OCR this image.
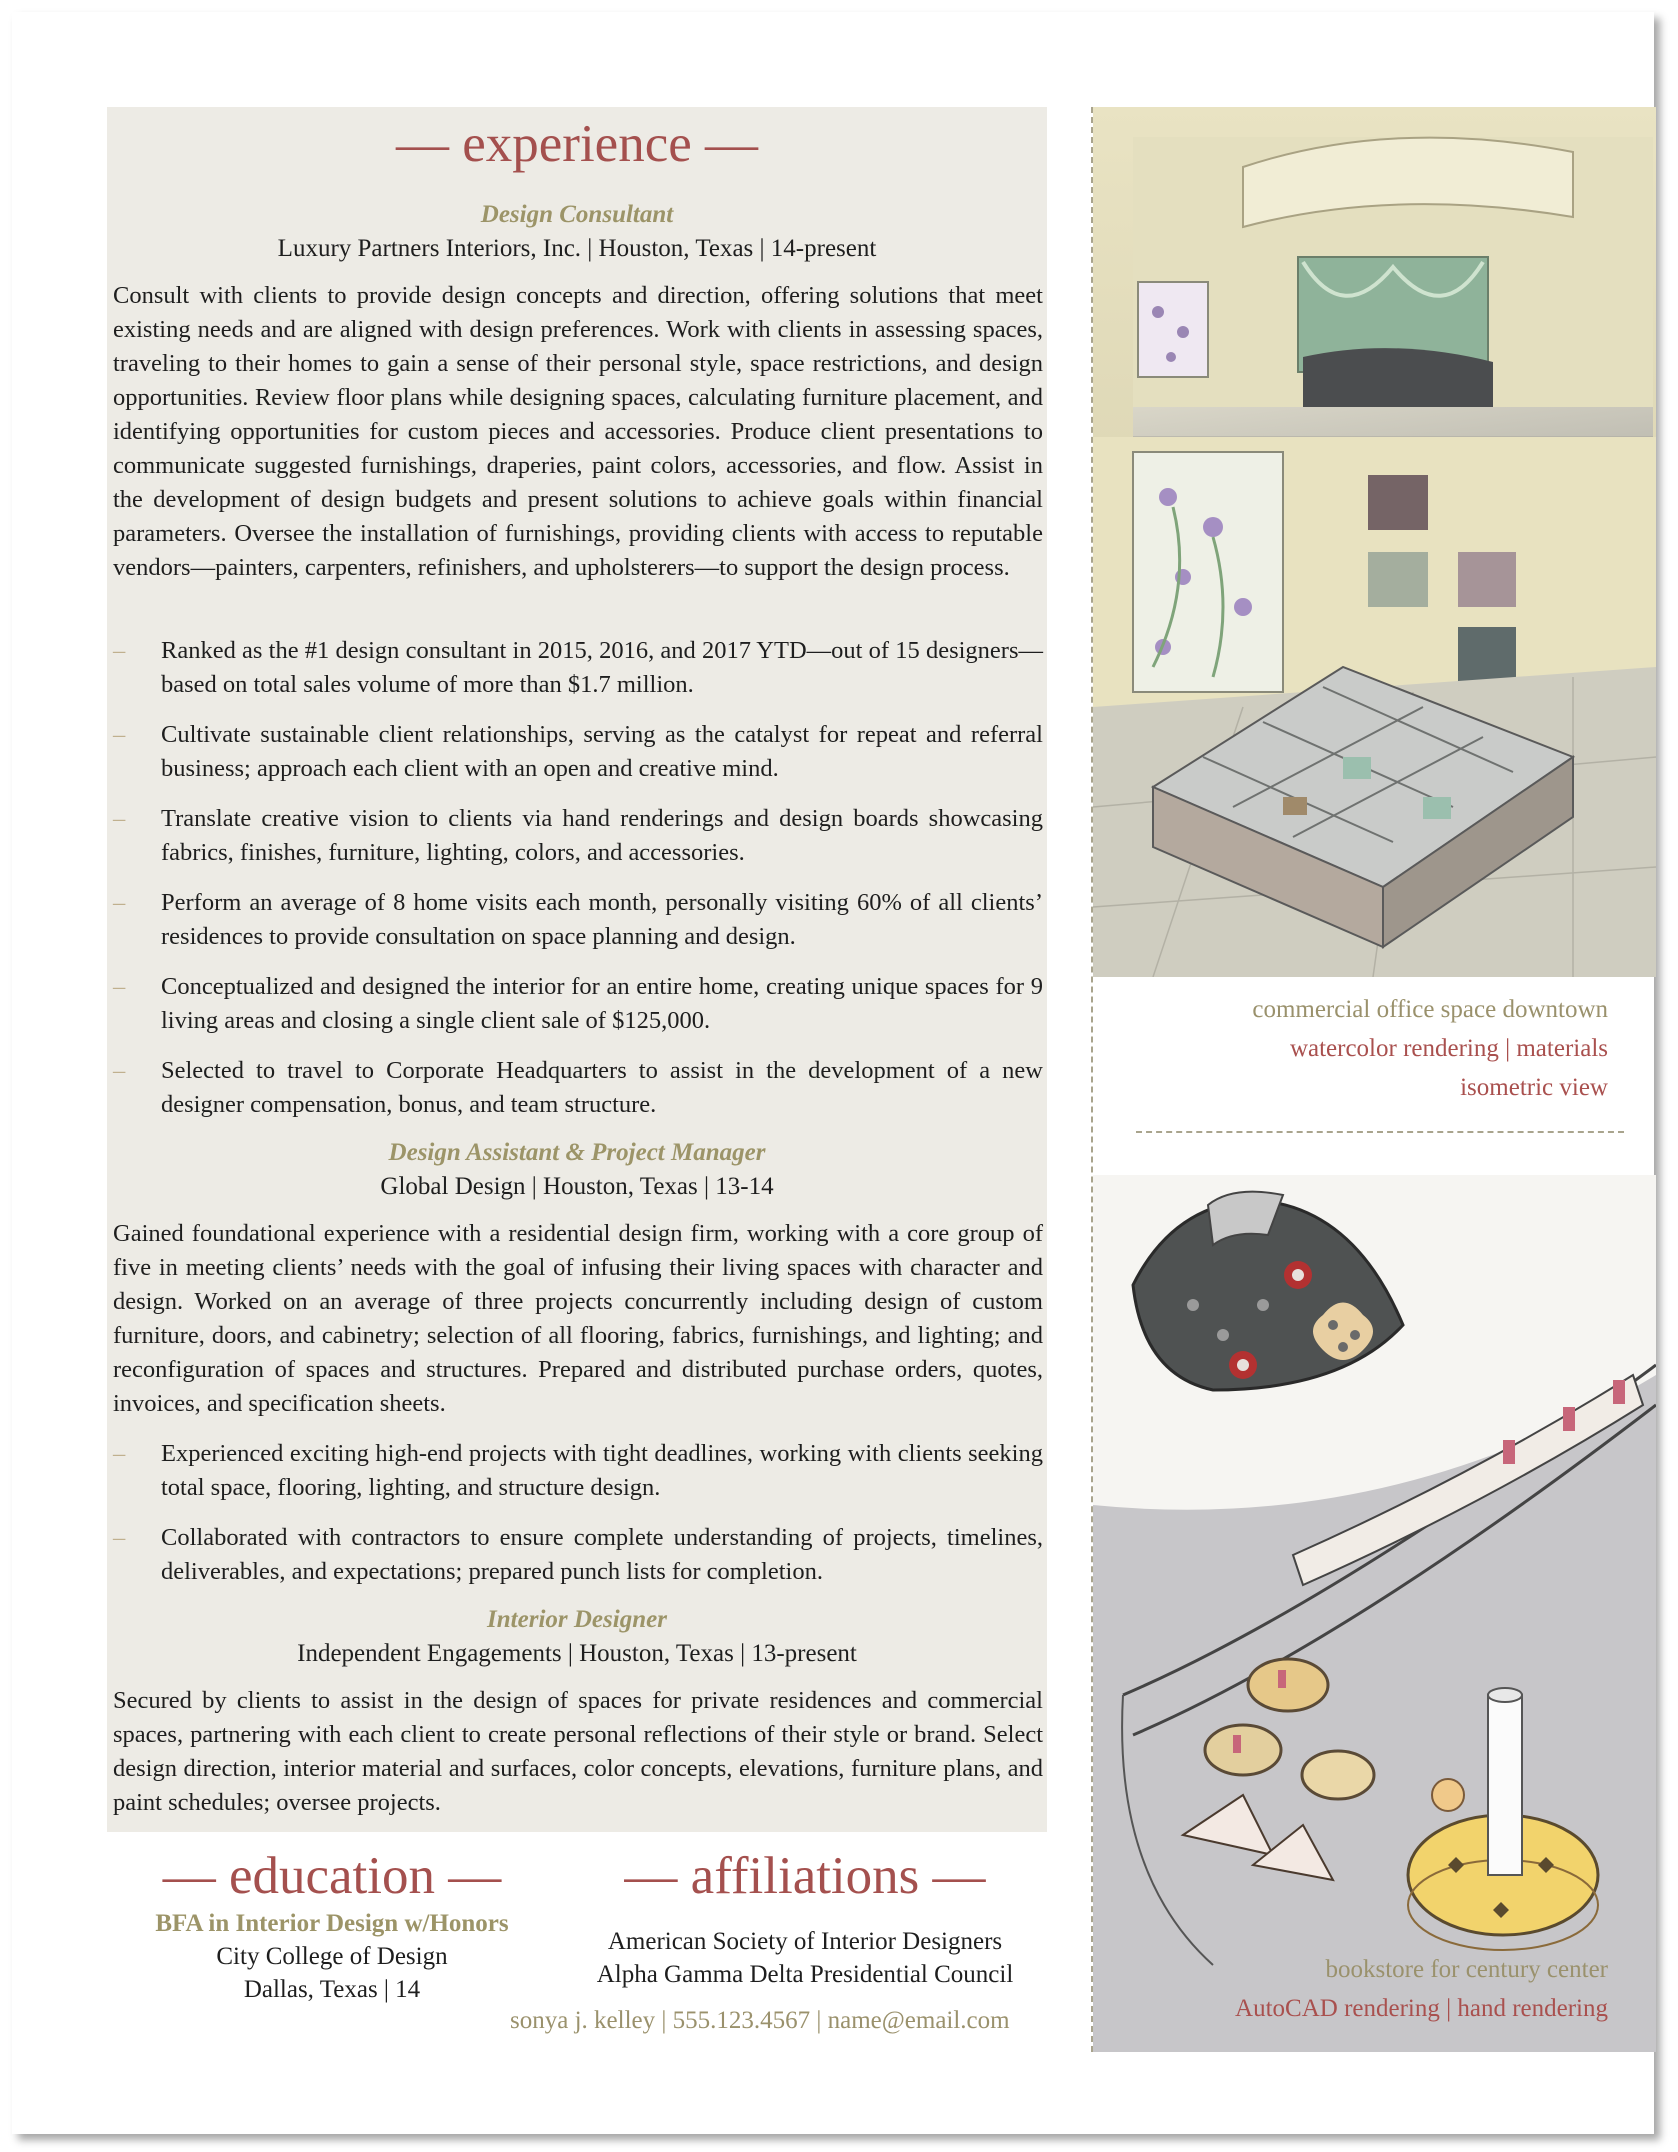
— experience —
Design Consultant
Luxury Partners Interiors, Inc. | Houston, Texas | 14-present
Consult with clients to provide design concepts and direction, offering solutions that meet existing needs and are aligned with design preferences. Work with clients in assessing spaces, traveling to their homes to gain a sense of their personal style, space restrictions, and design opportunities. Review floor plans while designing spaces, calculating furniture placement, and identifying opportunities for custom pieces and accessories. Produce client presentations to communicate suggested furnishings, draperies, paint colors, accessories, and flow. Assist in the development of design budgets and present solutions to achieve goals within financial parameters. Oversee the installation of furnishings, providing clients with access to reputable vendors—painters, carpenters, refinishers, and upholsterers—to support the design process.
– Ranked as the #1 design consultant in 2015, 2016, and 2017 YTD—out of 15 designers—based on total sales volume of more than $1.7 million.
– Cultivate sustainable client relationships, serving as the catalyst for repeat and referral business; approach each client with an open and creative mind.
– Translate creative vision to clients via hand renderings and design boards showcasing fabrics, finishes, furniture, lighting, colors, and accessories.
– Perform an average of 8 home visits each month, personally visiting 60% of all clients’ residences to provide consultation on space planning and design.
– Conceptualized and designed the interior for an entire home, creating unique spaces for 9 living areas and closing a single client sale of $125,000.
– Selected to travel to Corporate Headquarters to assist in the development of a new designer compensation, bonus, and team structure.
Design Assistant & Project Manager
Global Design | Houston, Texas | 13-14
Gained foundational experience with a residential design firm, working with a core group of five in meeting clients’ needs with the goal of infusing their living spaces with character and design. Worked on an average of three projects concurrently including design of custom furniture, doors, and cabinetry; selection of all flooring, fabrics, furnishings, and lighting; and reconfiguration of spaces and structures. Prepared and distributed purchase orders, quotes, invoices, and specification sheets.
– Experienced exciting high-end projects with tight deadlines, working with clients seeking total space, flooring, lighting, and structure design.
– Collaborated with contractors to ensure complete understanding of projects, timelines, deliverables, and expectations; prepared punch lists for completion.
Interior Designer
Independent Engagements | Houston, Texas | 13-present
Secured by clients to assist in the design of spaces for private residences and commercial spaces, partnering with each client to create personal reflections of their style or brand. Select design direction, interior material and surfaces, color concepts, elevations, furniture plans, and paint schedules; oversee projects.
— education —
BFA in Interior Design w/Honors
City College of Design
Dallas, Texas | 14
— affiliations —
American Society of Interior Designers
Alpha Gamma Delta Presidential Council
sonya j. kelley | 555.123.4567 | name@email.com
commercial office space downtown
watercolor rendering | materials
isometric view
bookstore for century center
AutoCAD rendering | hand rendering
